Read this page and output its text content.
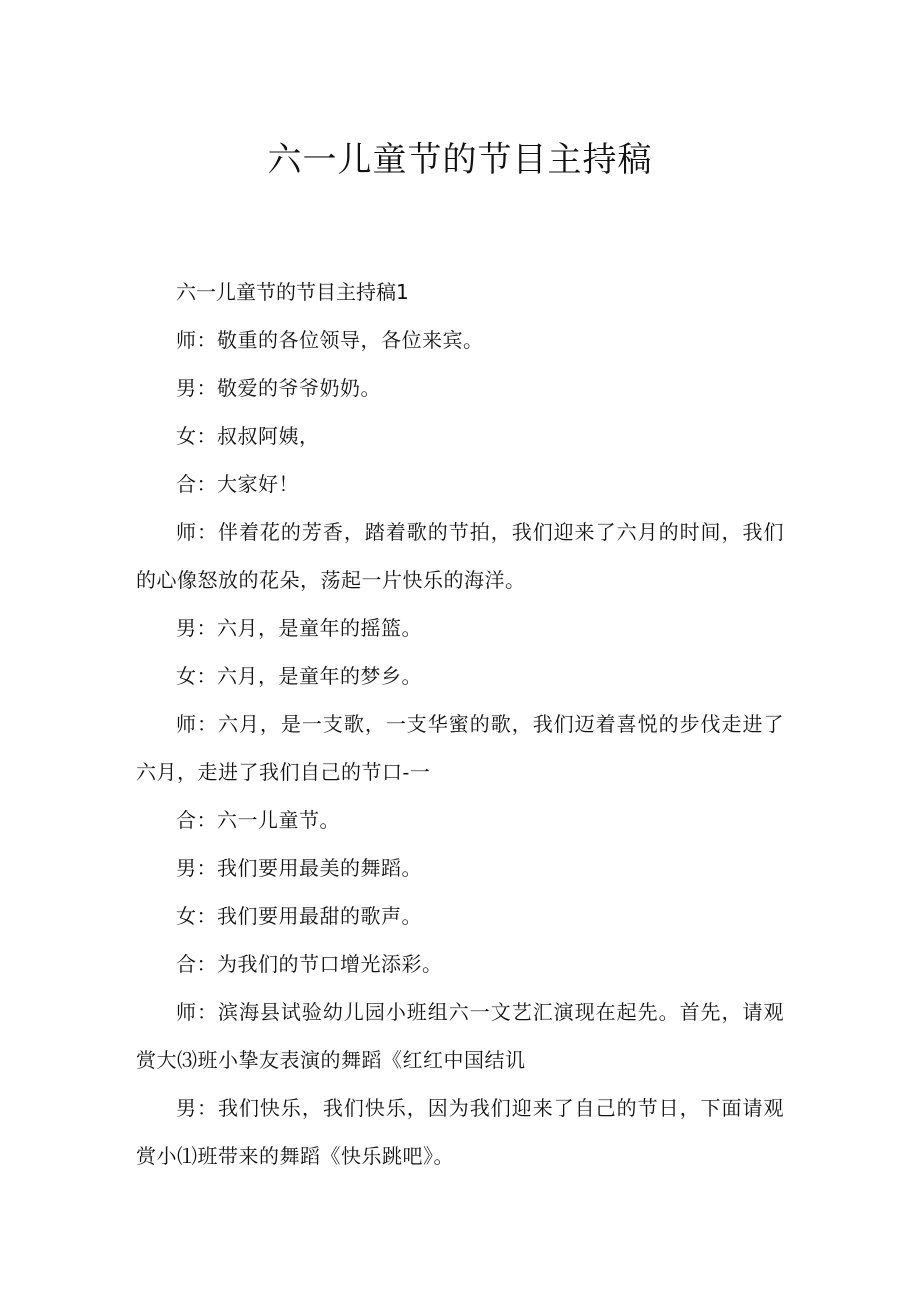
六一儿童节的节目主持稿

六一儿童节的节目主持稿1

师：敬重的各位领导，各位来宾。

男：敬爱的爷爷奶奶。

女：叔叔阿姨，

合：大家好！

师：伴着花的芳香，踏着歌的节拍，我们迎来了六月的时间，我们的心像怒放的花朵，荡起一片快乐的海洋。

男：六月，是童年的摇篮。

女：六月，是童年的梦乡。

师：六月，是一支歌，一支华蜜的歌，我们迈着喜悦的步伐走进了六月，走进了我们自己的节口-一

合：六一儿童节。

男：我们要用最美的舞蹈。

女：我们要用最甜的歌声。

合：为我们的节口增光添彩。

师：滨海县试验幼儿园小班组六一文艺汇演现在起先。首先，请观赏大⑶班小挚友表演的舞蹈《红红中国结讥

男：我们快乐，我们快乐，因为我们迎来了自己的节日，下面请观赏小⑴班带来的舞蹈《快乐跳吧》。
